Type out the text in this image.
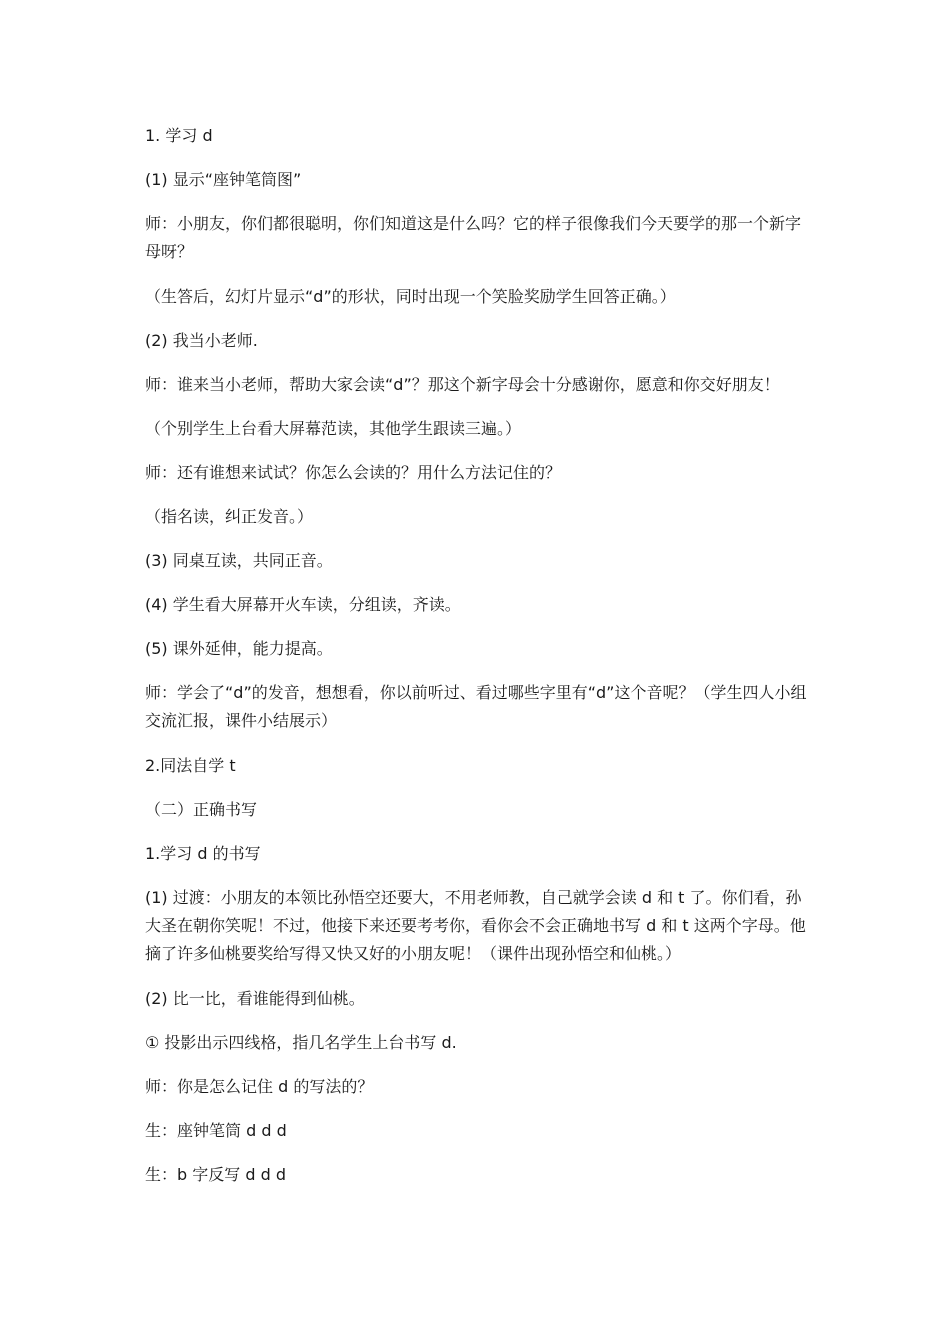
1. 学习 d

(1) 显示“座钟笔筒图”

师：小朋友，你们都很聪明，你们知道这是什么吗？它的样子很像我们今天要学的那一个新字母呀？

（生答后，幻灯片显示“d”的形状，同时出现一个笑脸奖励学生回答正确。）

(2) 我当小老师.

师：谁来当小老师，帮助大家会读“d”？那这个新字母会十分感谢你，愿意和你交好朋友！

（个别学生上台看大屏幕范读，其他学生跟读三遍。）

师：还有谁想来试试？你怎么会读的？用什么方法记住的？

（指名读，纠正发音。）

(3) 同桌互读，共同正音。

(4) 学生看大屏幕开火车读，分组读，齐读。

(5) 课外延伸，能力提高。

师：学会了“d”的发音，想想看，你以前听过、看过哪些字里有“d”这个音呢？（学生四人小组交流汇报，课件小结展示）

2.同法自学 t

（二）正确书写

1.学习 d 的书写

(1) 过渡：小朋友的本领比孙悟空还要大，不用老师教，自己就学会读 d 和 t 了。你们看，孙大圣在朝你笑呢！不过，他接下来还要考考你，看你会不会正确地书写 d 和 t 这两个字母。他摘了许多仙桃要奖给写得又快又好的小朋友呢！（课件出现孙悟空和仙桃。）

(2) 比一比，看谁能得到仙桃。

① 投影出示四线格，指几名学生上台书写 d.

师：你是怎么记住 d 的写法的？

生：座钟笔筒 d d d

生：b 字反写 d d d
